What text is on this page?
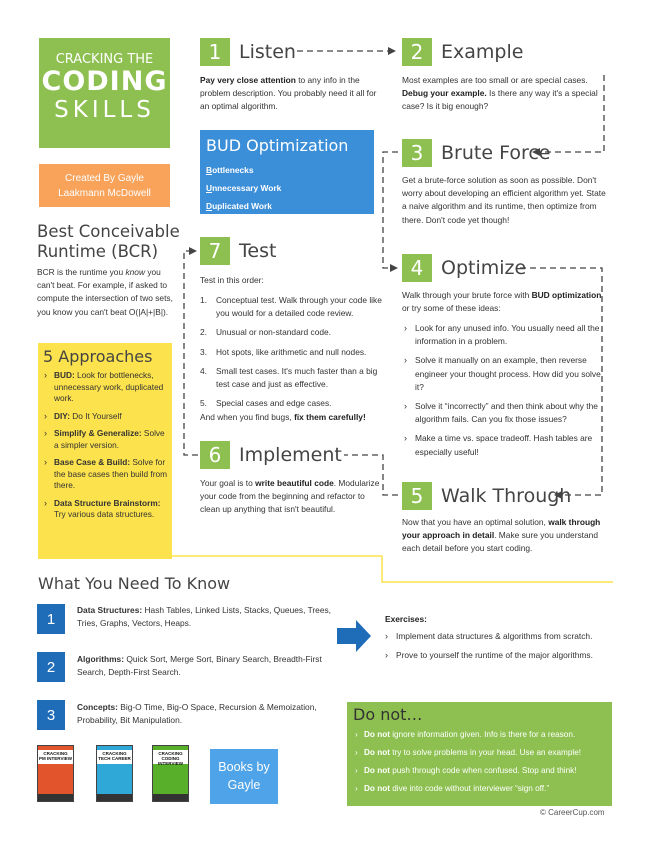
CRACKING THE
CODING
SKILLS
Created By Gayle
Laakmann McDowell
BUD Optimization
Bottlenecks
Unnecessary Work
Duplicated Work
Best Conceivable Runtime (BCR)
BCR is the runtime you know you can't beat. For example, if asked to compute the intersection of two sets, you know you can't beat O(|A|+|B|).
5 Approaches
› BUD: Look for bottlenecks, unnecessary work, duplicated work.
› DIY: Do It Yourself
› Simplify & Generalize: Solve a simpler version.
› Base Case & Build: Solve for the base cases then build from there.
› Data Structure Brainstorm: Try various data structures.
1 Listen
Pay very close attention to any info in the problem description. You probably need it all for an optimal algorithm.
2 Example
Most examples are too small or are special cases. Debug your example. Is there any way it's a special case? Is it big enough?
3 Brute Force
Get a brute-force solution as soon as possible. Don't worry about developing an efficient algorithm yet. State a naive algorithm and its runtime, then optimize from there. Don't code yet though!
4 Optimize
Walk through your brute force with BUD optimization or try some of these ideas:
› Look for any unused info. You usually need all the information in a problem.
› Solve it manually on an example, then reverse engineer your thought process. How did you solve it?
› Solve it “incorrectly” and then think about why the algorithm fails. Can you fix those issues?
› Make a time vs. space tradeoff. Hash tables are especially useful!
5 Walk Through
Now that you have an optimal solution, walk through your approach in detail. Make sure you understand each detail before you start coding.
6 Implement
Your goal is to write beautiful code. Modularize your code from the beginning and refactor to clean up anything that isn't beautiful.
7 Test
Test in this order:
1. Conceptual test. Walk through your code like you would for a detailed code review.
2. Unusual or non-standard code.
3. Hot spots, like arithmetic and null nodes.
4. Small test cases. It's much faster than a big test case and just as effective.
5. Special cases and edge cases.
And when you find bugs, fix them carefully!
What You Need To Know
1
Data Structures: Hash Tables, Linked Lists, Stacks, Queues, Trees, Tries, Graphs, Vectors, Heaps.
2	Algorithms: Quick Sort, Merge Sort, Binary Search, Breadth-First Search, Depth-First Search.
3	Concepts: Big-O Time, Big-O Space, Recursion & Memoization, Probability, Bit Manipulation.
Exercises:
› Implement data structures & algorithms from scratch.
› Prove to yourself the runtime of the major algorithms.
Do not…
› Do not ignore information given. Info is there for a reason.
› Do not try to solve problems in your head. Use an example!
› Do not push through code when confused. Stop and think!
› Do not dive into code without interviewer “sign off.”
CRACKING
PM INTERVIEW
CRACKING
TECH CAREER
CRACKING
CODING INTERVIEW	Books by
Gayle
© CareerCup.com
